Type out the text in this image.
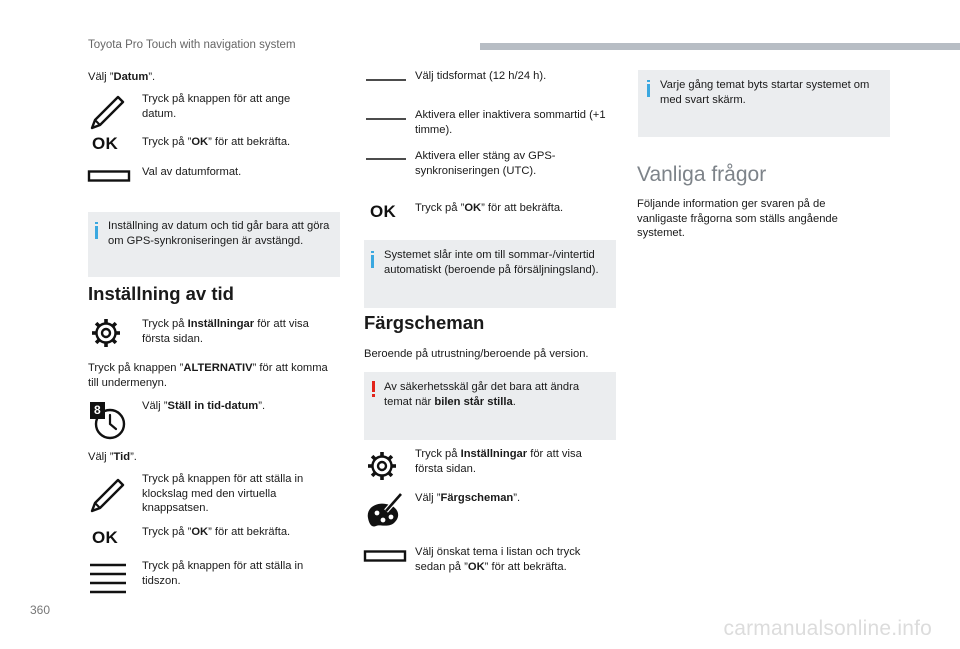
Toyota Pro Touch with navigation system
Välj ”Datum”.
Tryck på knappen för att ange datum.
OK Tryck på ”OK” för att bekräfta.
Val av datumformat.
Inställning av datum och tid går bara att göra om GPS-synkroniseringen är avstängd.
Inställning av tid
Tryck på Inställningar för att visa första sidan.
Tryck på knappen ”ALTERNATIV” för att komma till undermenyn.
8	Välj ”Ställ in tid-datum”.
Välj ”Tid”.
Tryck på knappen för att ställa in klockslag med den virtuella knappsatsen.
OK Tryck på ”OK” för att bekräfta.
Tryck på knappen för att ställa in tidszon.
Välj tidsformat (12 h/24 h).
Aktivera eller inaktivera sommartid (+1 timme).
Aktivera eller stäng av GPS-synkroniseringen (UTC).
OK Tryck på ”OK” för att bekräfta.
Systemet slår inte om till sommar-/vintertid automatiskt (beroende på försäljningsland).
Färgscheman
Beroende på utrustning/beroende på version.
Av säkerhetsskäl går det bara att ändra temat när bilen står stilla.
Tryck på Inställningar för att visa första sidan.
Välj ”Färgscheman”.
Välj önskat tema i listan och tryck sedan på ”OK” för att bekräfta.
Varje gång temat byts startar systemet om med svart skärm.
Vanliga frågor
Följande information ger svaren på de vanligaste frågorna som ställs angående systemet.
360
carmanualsonline.info
